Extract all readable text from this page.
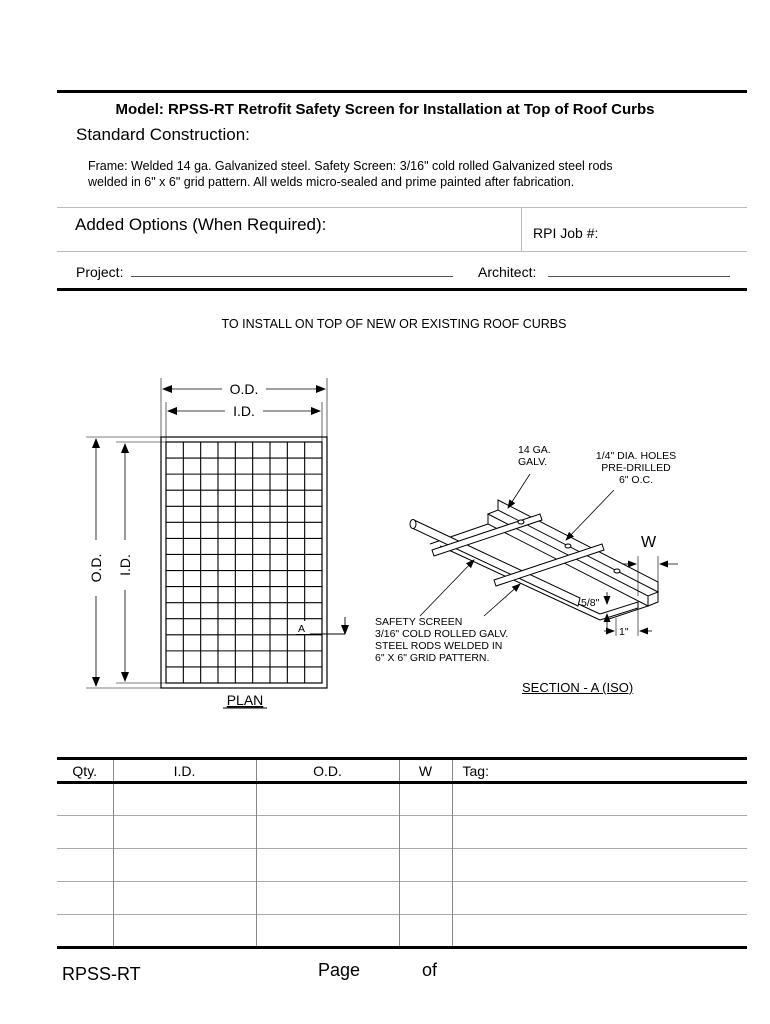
Model: RPSS-RT Retrofit Safety Screen for Installation at Top of Roof Curbs
Standard Construction:
Frame: Welded 14 ga. Galvanized steel. Safety Screen: 3/16" cold rolled Galvanized steel rods
welded in 6" x 6" grid pattern. All welds micro-sealed and prime painted after fabrication.
Added Options (When Required):	RPI Job #:
Project:	Architect:
TO INSTALL ON TOP OF NEW OR EXISTING ROOF CURBS
O.D.
I.D.
O.D. I.D.
A
PLAN
W
5/8"
1"
14 GA.
GALV.	1/4" DIA. HOLES
PRE-DRILLED
6" O.C.
SAFETY SCREEN
3/16" COLD ROLLED GALV.
STEEL RODS WELDED IN
6" X 6" GRID PATTERN.
SECTION - A (ISO)
Qty.	I.D.	O.D.	W	Tag:

RPSS-RT	Page	of
